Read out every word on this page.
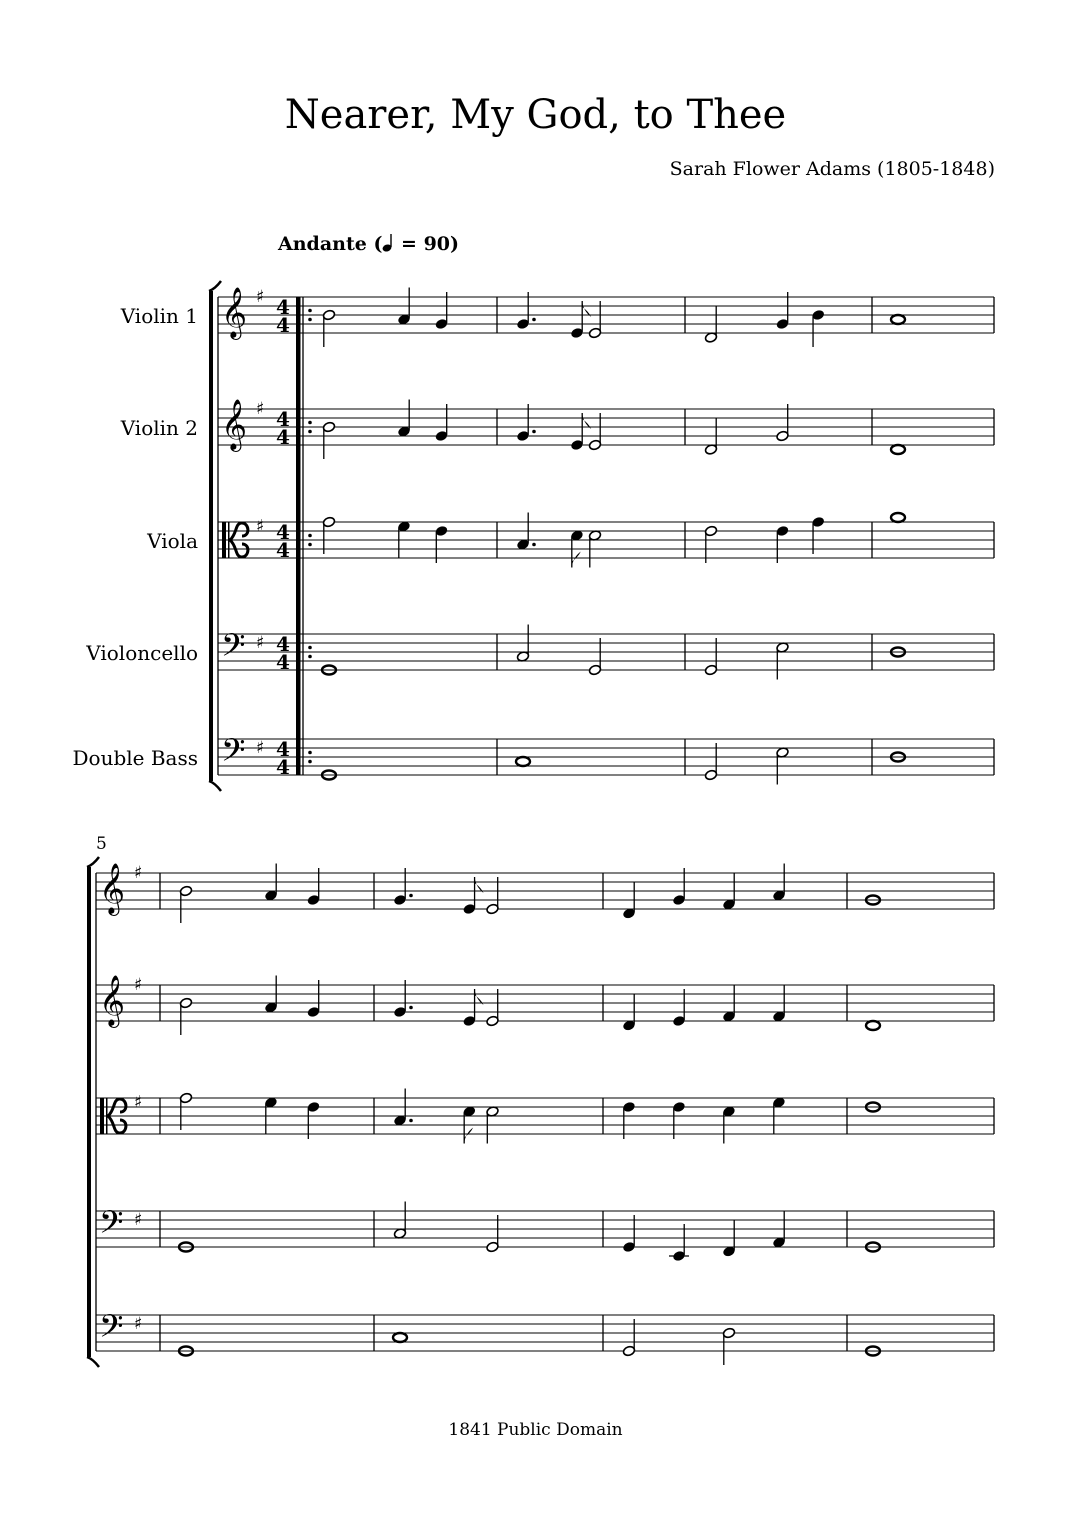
Nearer, My God, to Thee
Sarah Flower Adams (1805-1848)
Andante ( = 90)
Violin 1
Violin 2
Viola
Violoncello
Double Bass
5
1841 Public Domain
𝄞 ♯ 4
4
𝄞 ♯ 4
4
♯ 4
4
𝄢 ♯ 4
4
𝄢 ♯ 4
4
𝄞 ♯
𝄞 ♯
♯
𝄢 ♯
𝄢 ♯
